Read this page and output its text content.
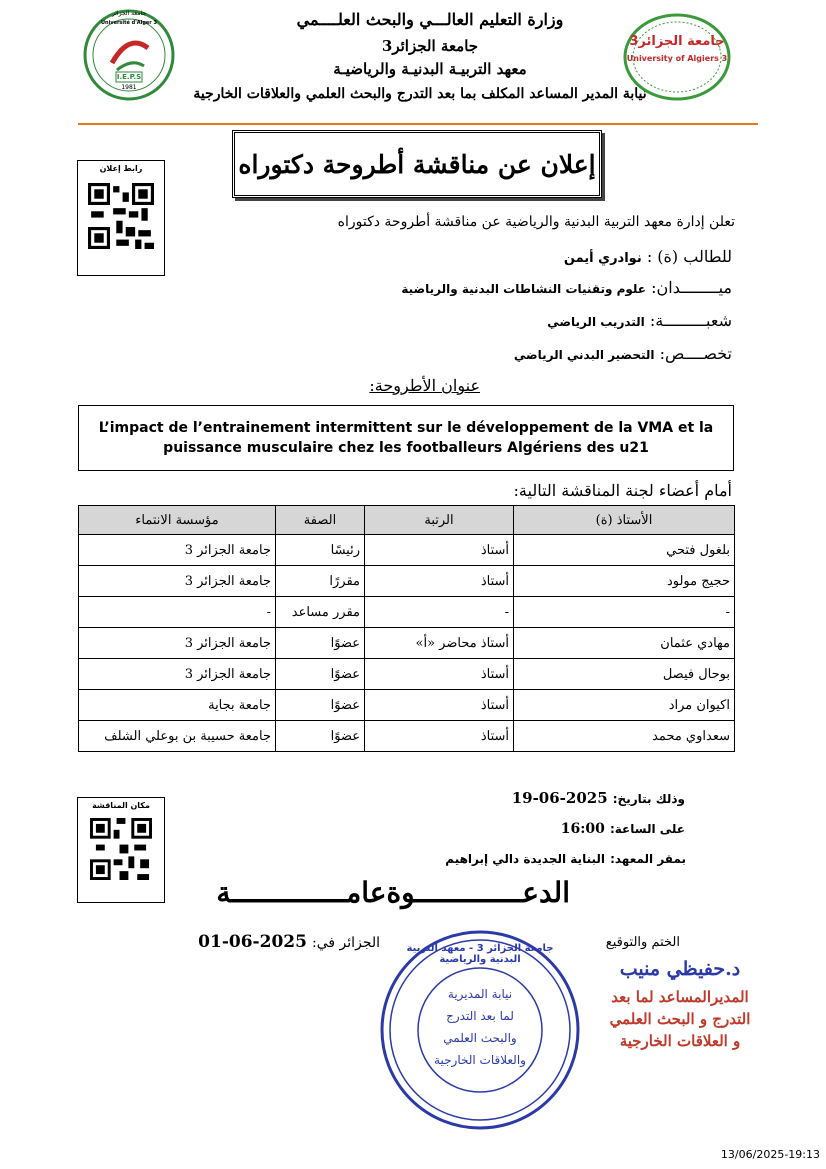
جامعة الجزائر
Université d'Alger 3
I.E.P.S
1981
وزارة التعليم العالـــي والبحث العلــــمي
جامعة الجزائر3
معهد التربيـة البدنيـة والرياضيـة
نيابة المدير المساعد المكلف بما بعد التدرج والبحث العلمي والعلاقات الخارجية
جامعة الجزائر3
University of Algiers 3
رابط إعلان	إعلان عن مناقشة أطروحة دكتوراه
تعلن إدارة معهد التربية البدنية والرياضية عن مناقشة أطروحة دكتوراه
للطالب (ة) : نوادري أيمن
ميــــــــدان: علوم وتقنيات النشاطات البدنية والرياضية
شعبـــــــــة: التدريب الرياضي
تخصــــص: التحضير البدني الرياضي
عنوان الأطروحة:
L’impact de l’entrainement intermittent sur le développement de la VMA et la puissance musculaire chez les footballeurs Algériens des u21
أمام أعضاء لجنة المناقشة التالية:
الأستاذ (ة)	الرتبة	الصفة	مؤسسة الانتماء
بلغول فتحي	أستاذ	رئيسًا	جامعة الجزائر 3
حجيج مولود	أستاذ	مقررًا	جامعة الجزائر 3
-	-	مقرر مساعد	-
مهادي عثمان	أستاذ محاضر «أ»	عضوًا	جامعة الجزائر 3
بوحال فيصل	أستاذ	عضوًا	جامعة الجزائر 3
اكيوان مراد	أستاذ	عضوًا	جامعة بجاية
سعداوي محمد	أستاذ	عضوًا	جامعة حسيبة بن بوعلي الشلف
مكان المناقشة	وذلك بتاريخ: 2025-06-19
على الساعة: 16:00
بمقر المعهد: البناية الجديدة دالي إبراهيم
الدعـــــــــــــوةعامــــــــــــــة
الجزائر في: 2025-06-01	الختم والتوقيع
جامعة الجزائر 3 - معهد التربية البدنية والرياضية
نيابة المديرية
لما بعد التدرج
والبحث العلمي
والعلاقات الخارجية
د.حفيظي منيب
المديرالمساعد لما بعد
التدرج و البحث العلمي
و العلاقات الخارجية
13/06/2025-19:13
